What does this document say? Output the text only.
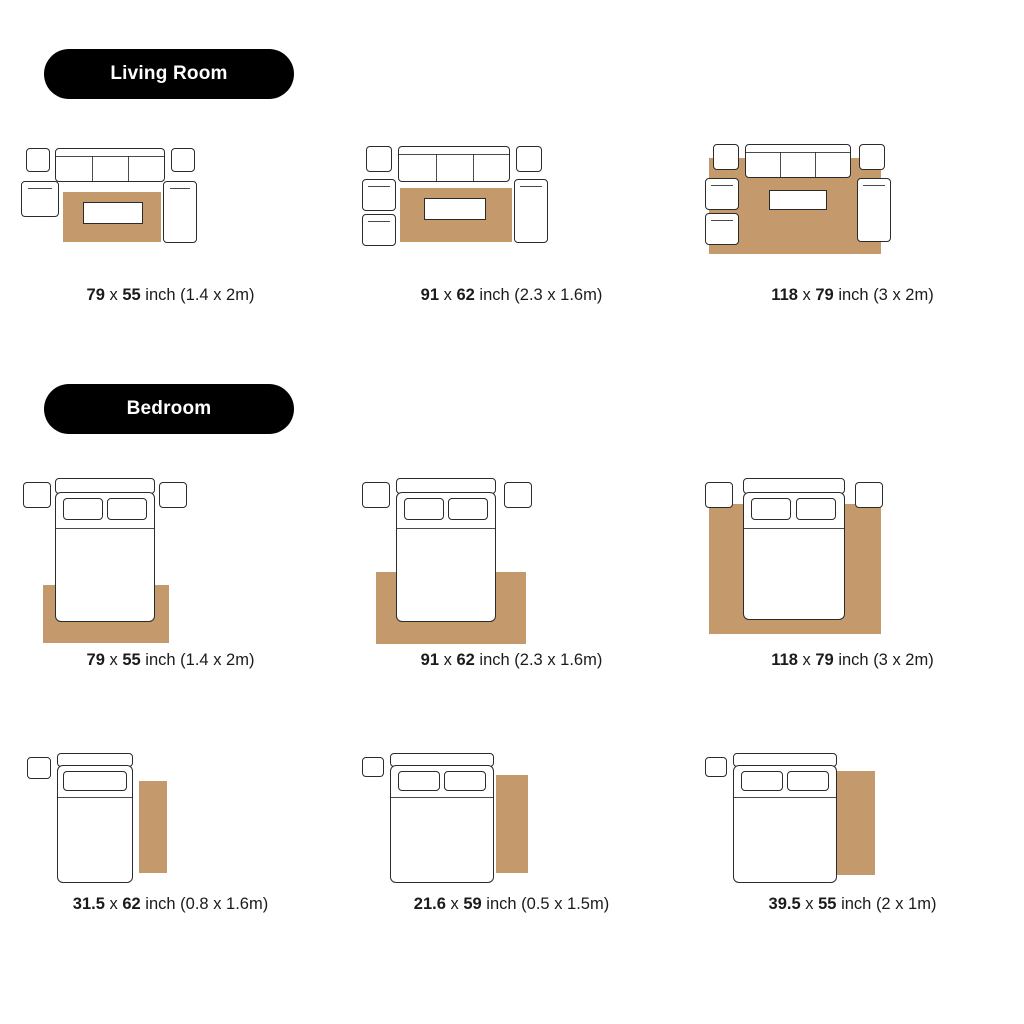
Living Room
79 x 55 inch (1.4 x 2m)	91 x 62 inch (2.3 x 1.6m)	118 x 79 inch (3 x 2m)
Bedroom
79 x 55 inch (1.4 x 2m)	91 x 62 inch (2.3 x 1.6m)	118 x 79 inch (3 x 2m)
31.5 x 62 inch (0.8 x 1.6m)	21.6 x 59 inch (0.5 x 1.5m)	39.5 x 55 inch (2 x 1m)
